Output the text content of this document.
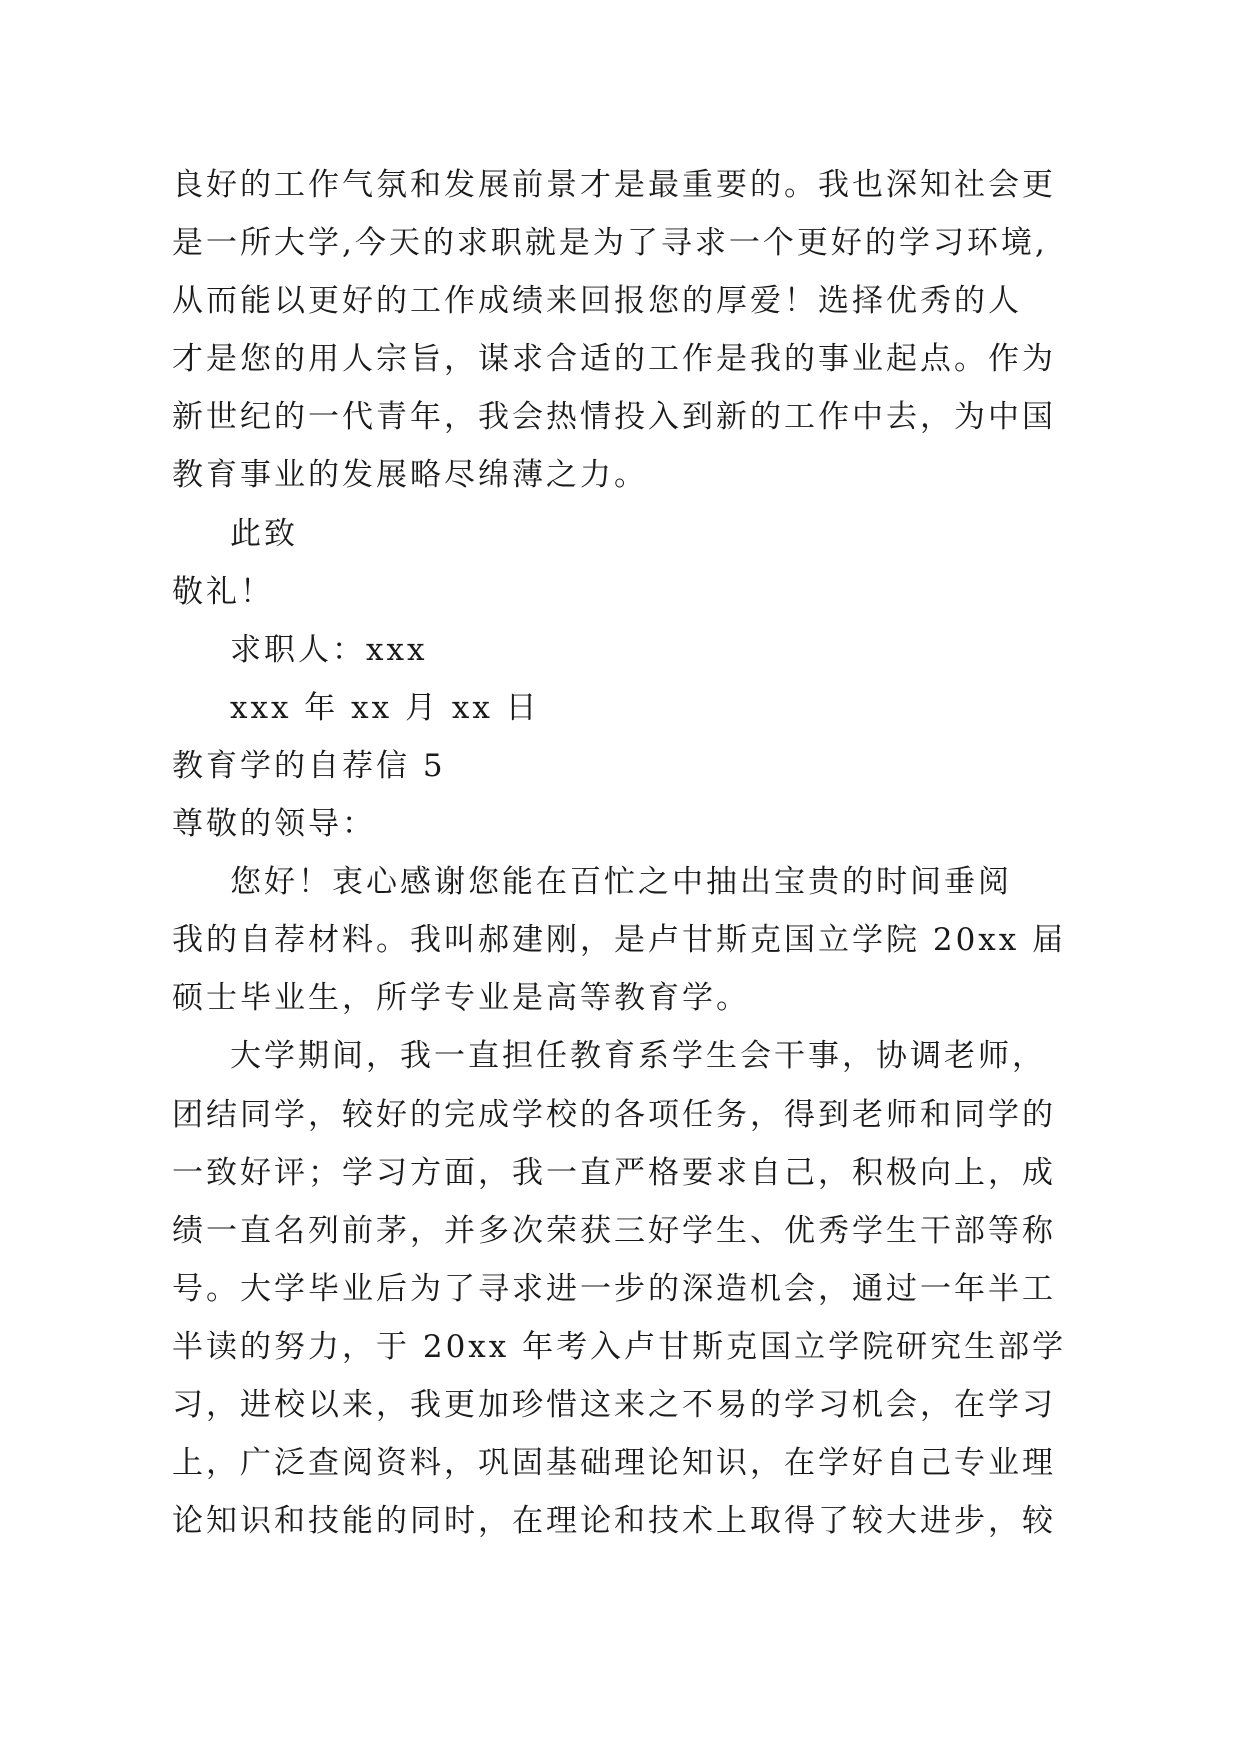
良好的工作气氛和发展前景才是最重要的。我也深知社会更
是一所大学,今天的求职就是为了寻求一个更好的学习环境,
从而能以更好的工作成绩来回报您的厚爱！选择优秀的人
才是您的用人宗旨，谋求合适的工作是我的事业起点。作为
新世纪的一代青年，我会热情投入到新的工作中去，为中国
教育事业的发展略尽绵薄之力。
此致
敬礼！
求职人：xxx
xxx 年 xx 月 xx 日
教育学的自荐信 5
尊敬的领导：
您好！衷心感谢您能在百忙之中抽出宝贵的时间垂阅
我的自荐材料。我叫郝建刚，是卢甘斯克国立学院 20xx 届
硕士毕业生，所学专业是高等教育学。
大学期间，我一直担任教育系学生会干事，协调老师，
团结同学，较好的完成学校的各项任务，得到老师和同学的
一致好评；学习方面，我一直严格要求自己，积极向上，成
绩一直名列前茅，并多次荣获三好学生、优秀学生干部等称
号。大学毕业后为了寻求进一步的深造机会，通过一年半工
半读的努力，于 20xx 年考入卢甘斯克国立学院研究生部学
习，进校以来，我更加珍惜这来之不易的学习机会，在学习
上，广泛查阅资料，巩固基础理论知识，在学好自己专业理
论知识和技能的同时，在理论和技术上取得了较大进步，较
